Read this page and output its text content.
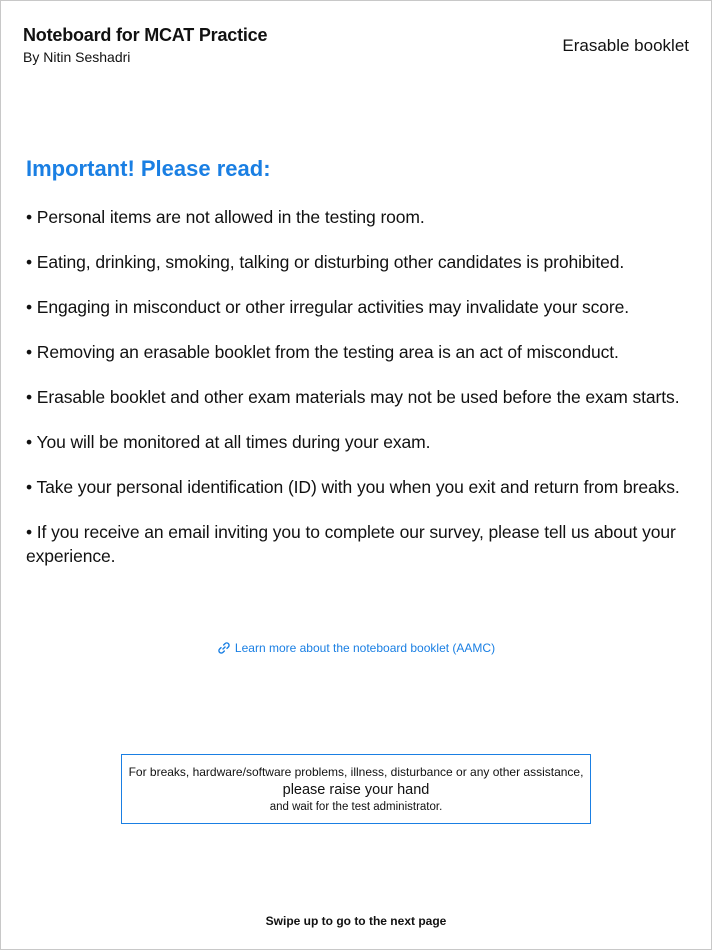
Noteboard for MCAT Practice
By Nitin Seshadri
Erasable booklet
Important! Please read:
• Personal items are not allowed in the testing room.
• Eating, drinking, smoking, talking or disturbing other candidates is prohibited.
• Engaging in misconduct or other irregular activities may invalidate your score.
• Removing an erasable booklet from the testing area is an act of misconduct.
• Erasable booklet and other exam materials may not be used before the exam starts.
• You will be monitored at all times during your exam.
• Take your personal identification (ID) with you when you exit and return from breaks.
• If you receive an email inviting you to complete our survey, please tell us about your experience.
Learn more about the noteboard booklet (AAMC)
For breaks, hardware/software problems, illness, disturbance or any other assistance,
please raise your hand
and wait for the test administrator.
Swipe up to go to the next page
